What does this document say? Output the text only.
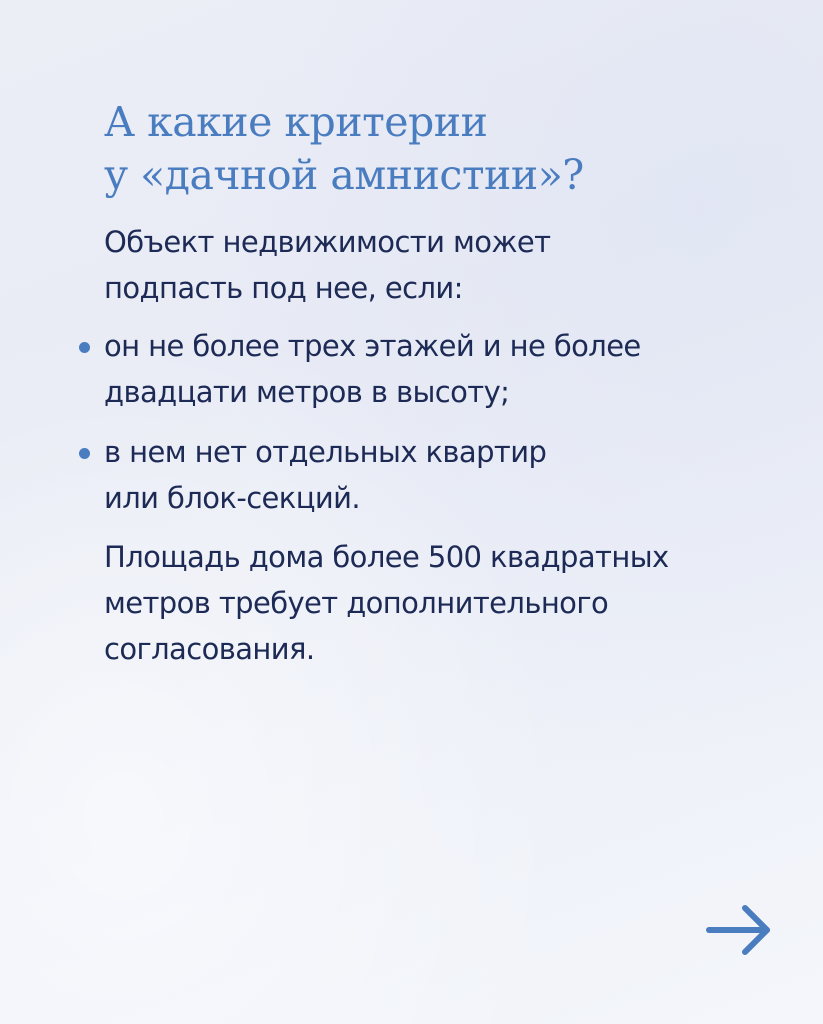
А какие критерии
у «дачной амнистии»?

Объект недвижимости может
подпасть под нее, если:

он не более трех этажей и не более
двадцати метров в высоту;
в нем нет отдельных квартир
или блок-секций.

Площадь дома более 500 квадратных
метров требует дополнительного
согласования.
